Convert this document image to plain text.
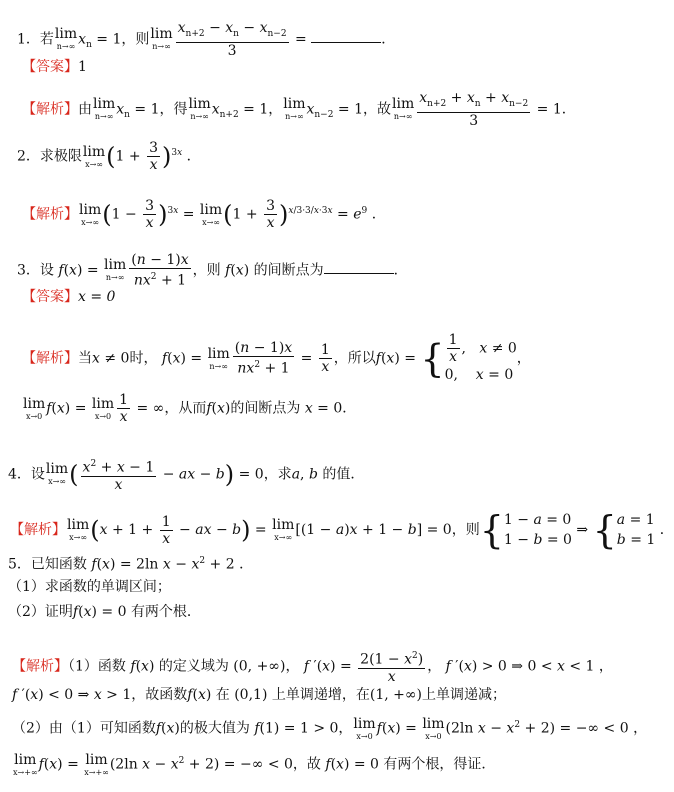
1．若 lim
n→∞ $x_n = 1$，则 lim
$n\to\infty \frac{x_{n+2} - x_n - x_{n-2}}{3}$ =	．
【答案】1
【解析】由 lim
n→∞ $x_n = 1$，得 lim
n→∞ $x_{n+2} = 1$， lim
n→∞ $x_{n-2} = 1$，故 lim
$n\to\infty \frac{x_{n+2} + x_n + x_{n-2}}{3} = 1$．
2．求极限 lim
x→∞ $(1 + \frac{3}{x} )^{3x}$ ．
【解析】 lim
x→∞ $(1 - \frac{3}{x} )^{3x} = \lim$
x→∞ $(1 + \frac{3}{x} )^{x/3\cdot 3/x\cdot 3x} = e^9$ ．
3．设 f(x) = lim
$n\to\infty \frac{(n - 1)x}{nx^2 + 1}$ ，则 f(x) 的间断点为	．
【答案】x = 0
【解析】当x ≠ 0时， f(x) = lim
$n\to\infty \frac{(n - 1)x}{nx^2 + 1} = \frac{1}{x}$ ，所以f(x) = { $\frac{1}{x}$ ,   x ≠ 0
0,    x = 0
，
lim
x→0 f(x) = lim
$x\to 0 \frac{1}{x}$ = ∞，从而f(x)的间断点为 x = 0．
4．设 lim
x→∞ ( $\frac{x^2 + x - 1}{x}$ − ax − b) = 0，求a, b 的值．
【解析】 lim
x→∞ ($x + 1 + \frac{1}{x}$ − ax − b) = lim
x→∞ [(1 − a)x + 1 − b] = 0，则{ 1 − a = 0
1 − b = 0
⇒ { a = 1
b = 1
．
5．已知函数 f(x) = 2ln $x - x^2 + 2$ ．
（1）求函数的单调区间；
（2）证明f(x) = 0 有两个根．
【解析】（1）函数 f(x) 的定义域为 (0, +∞)， f $'(x) = \frac{2(1 - x^2)}{x}$ ， f ′(x) > 0 ⇒ 0 < x < 1 ，
f ′(x) < 0 ⇒ x > 1，故函数f(x) 在 (0,1) 上单调递增，在(1, +∞)上单调递减；
（2）由（1）可知函数f(x)的极大值为 f(1) = 1 > 0， lim
x→0 f(x) = lim
x→0 (2ln $x - x^2 + 2$) = −∞ < 0 ，
lim
x→+∞ f(x) = lim
x→+∞ (2ln $x - x^2 + 2$) = −∞ < 0，故 f(x) = 0 有两个根，得证．
